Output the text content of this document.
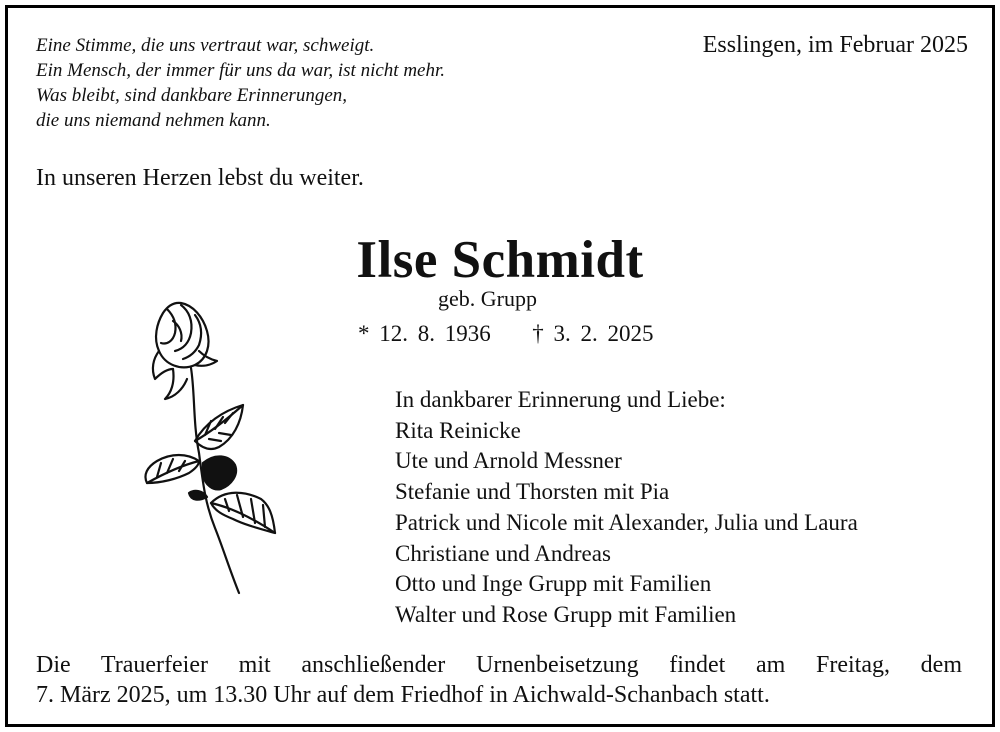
Eine Stimme, die uns vertraut war, schweigt.
Ein Mensch, der immer für uns da war, ist nicht mehr.
Was bleibt, sind dankbare Erinnerungen,
die uns niemand nehmen kann.
Esslingen, im Februar 2025
In unseren Herzen lebst du weiter.
Ilse Schmidt
geb. Grupp
* 12. 8. 1936 † 3. 2. 2025
In dankbarer Erinnerung und Liebe:
Rita Reinicke
Ute und Arnold Messner
Stefanie und Thorsten mit Pia
Patrick und Nicole mit Alexander, Julia und Laura
Christiane und Andreas
Otto und Inge Grupp mit Familien
Walter und Rose Grupp mit Familien
Die Trauerfeier mit anschließender Urnenbeisetzung findet am Freitag, dem
7. März 2025, um 13.30 Uhr auf dem Friedhof in Aichwald-Schanbach statt.
